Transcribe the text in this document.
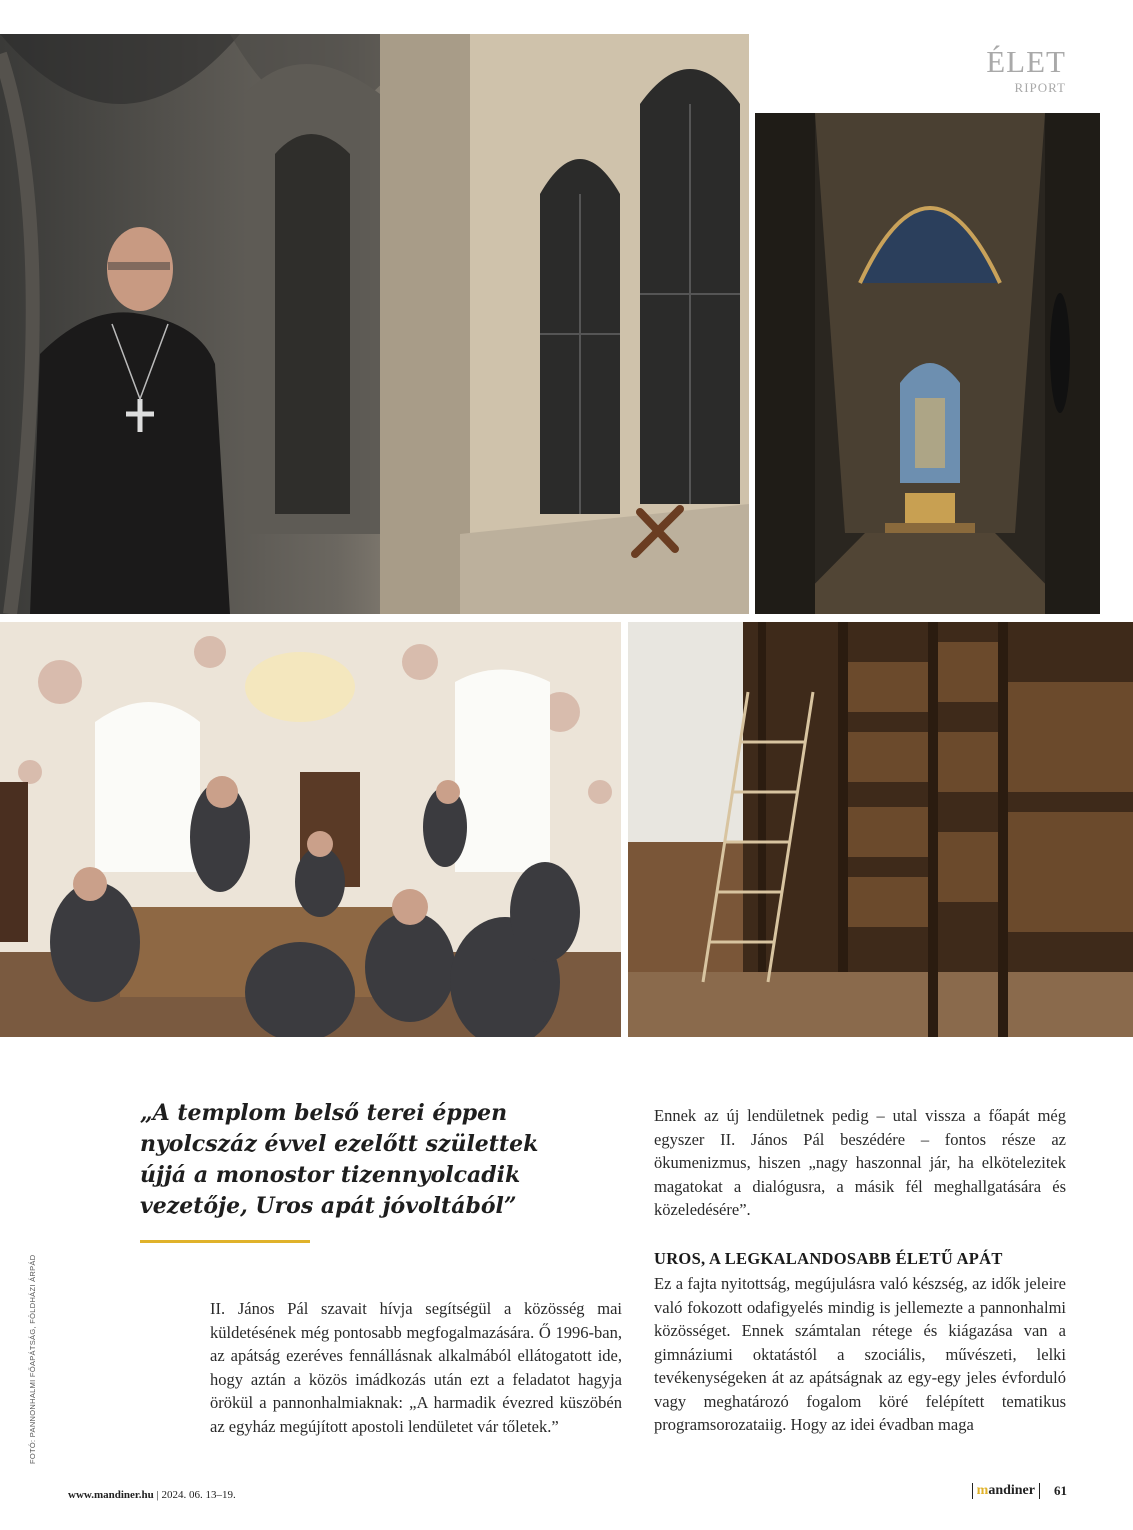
ÉLET
RIPORT

„A templom belső terei éppen nyolcszáz évvel ezelőtt születtek újjá a monostor tizennyolcadik vezetője, Uros apát jóvoltából”

II. János Pál szavait hívja segítségül a közösség mai küldetésének még pontosabb megfogalmazására. Ő 1996-ban, az apátság ezeréves fennállásnak alkalmából ellátogatott ide, hogy aztán a közös imádkozás után ezt a feladatot hagyja örökül a pannonhalmiaknak: „A harmadik évezred küszöbén az egyház megújított apostoli lendületet vár tőletek.”

Ennek az új lendületnek pedig – utal vissza a főapát még egyszer II. János Pál beszédére – fontos része az ökumenizmus, hiszen „nagy haszonnal jár, ha elkötelezitek magatokat a dialógusra, a másik fél meghallgatására és közeledésére”.

UROS, A LEGKALANDOSABB ÉLETŰ APÁT

Ez a fajta nyitottság, megújulásra való készség, az idők jeleire való fokozott odafigyelés mindig is jellemezte a pannonhalmi közösséget. Ennek számtalan rétege és kiágazása van a gimnáziumi oktatástól a szociális, művészeti, lelki tevékenységeken át az apátságnak az egy-egy jeles évforduló vagy meghatározó fogalom köré felépített tematikus programsorozataiig. Hogy az idei évadban maga

FOTÓ: PANNONHALMI FŐAPÁTSÁG, FÖLDHÁZI ÁRPÁD
www.mandiner.hu | 2024. 06. 13–19.	mandiner	61
